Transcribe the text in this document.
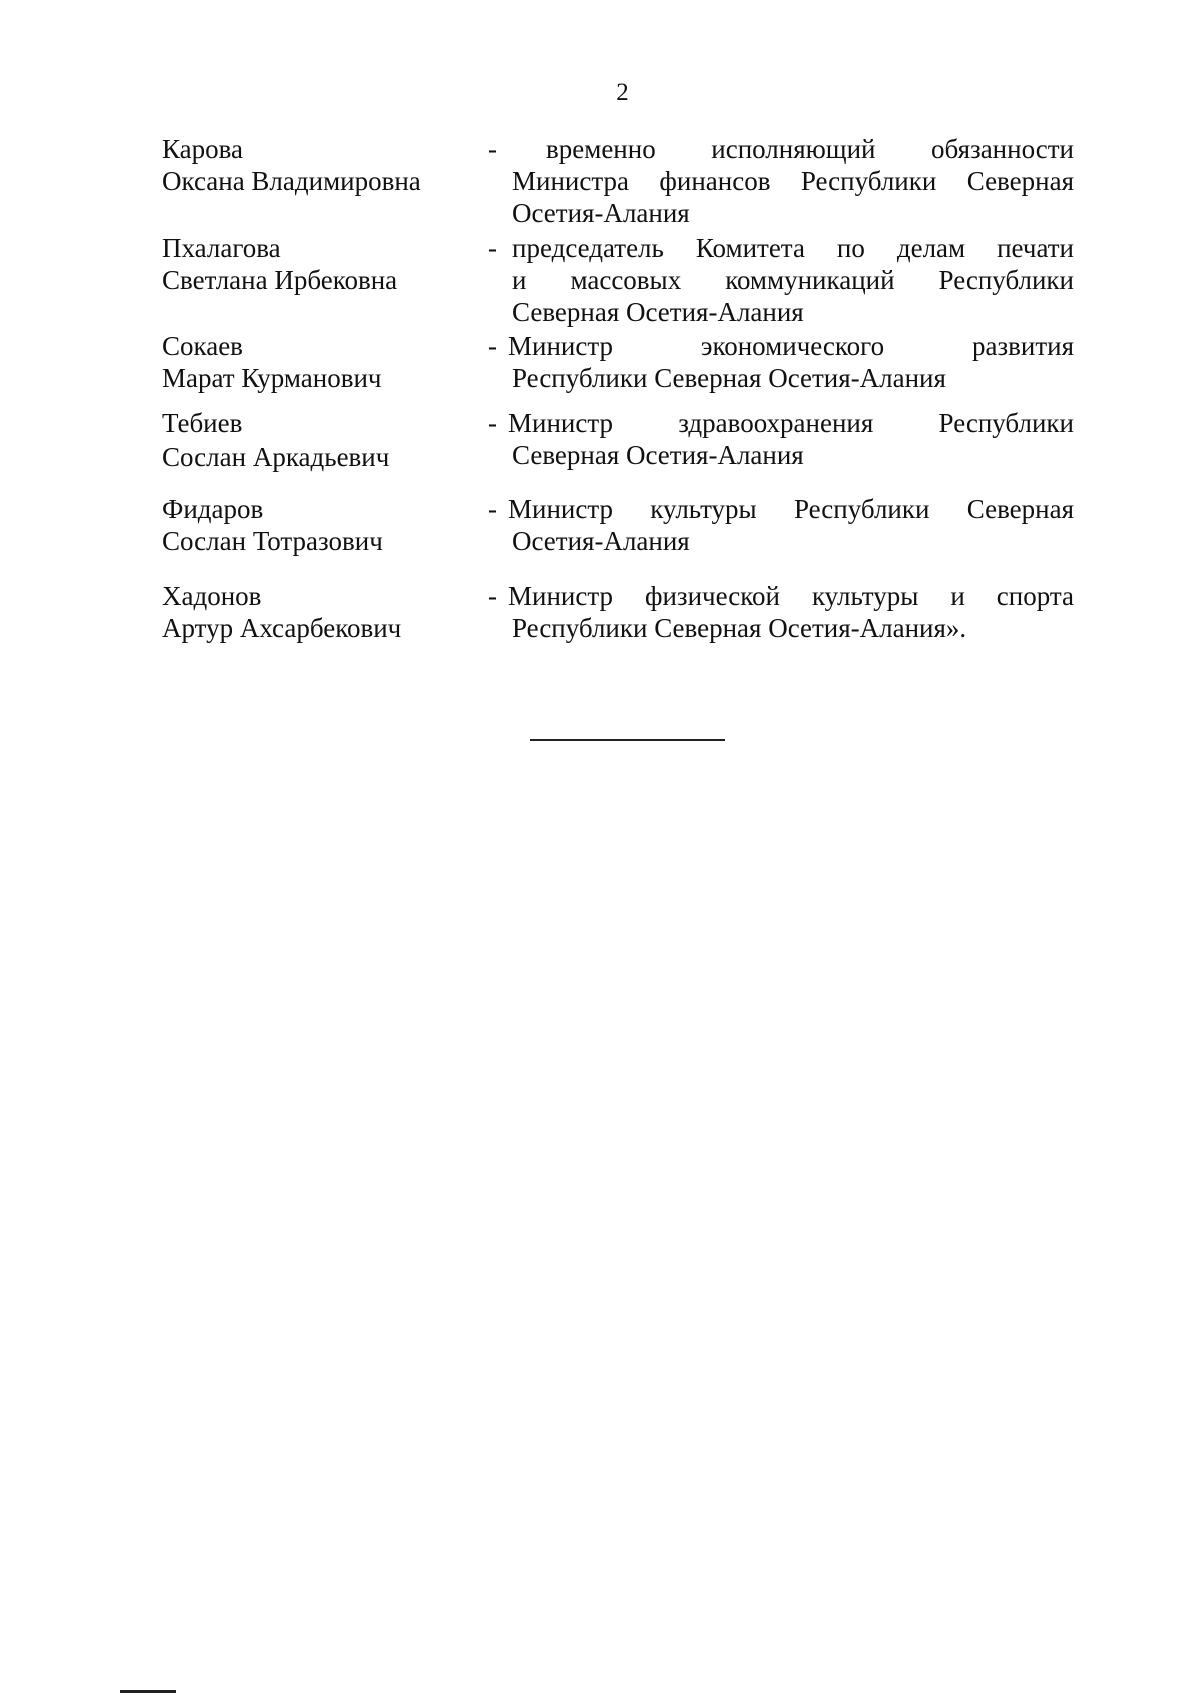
2
Карова
Оксана Владимировна
-	временно исполняющий обязанности
Министра финансов Республики Северная Осетия-Алания
Пхалагова
Светлана Ирбековна
- председатель Комитета по делам печати
и массовых коммуникаций Республики Северная Осетия-Алания
Сокаев
Марат Курманович
- Министр экономического развития
Республики Северная Осетия-Алания
Тебиев
Сослан Аркадьевич
- Министр здравоохранения Республики
Северная Осетия-Алания
Фидаров
Сослан Тотразович
- Министр культуры Республики Северная
Осетия-Алания
Хадонов
Артур Ахсарбекович
- Министр физической культуры и спорта
Республики Северная Осетия-Алания».
